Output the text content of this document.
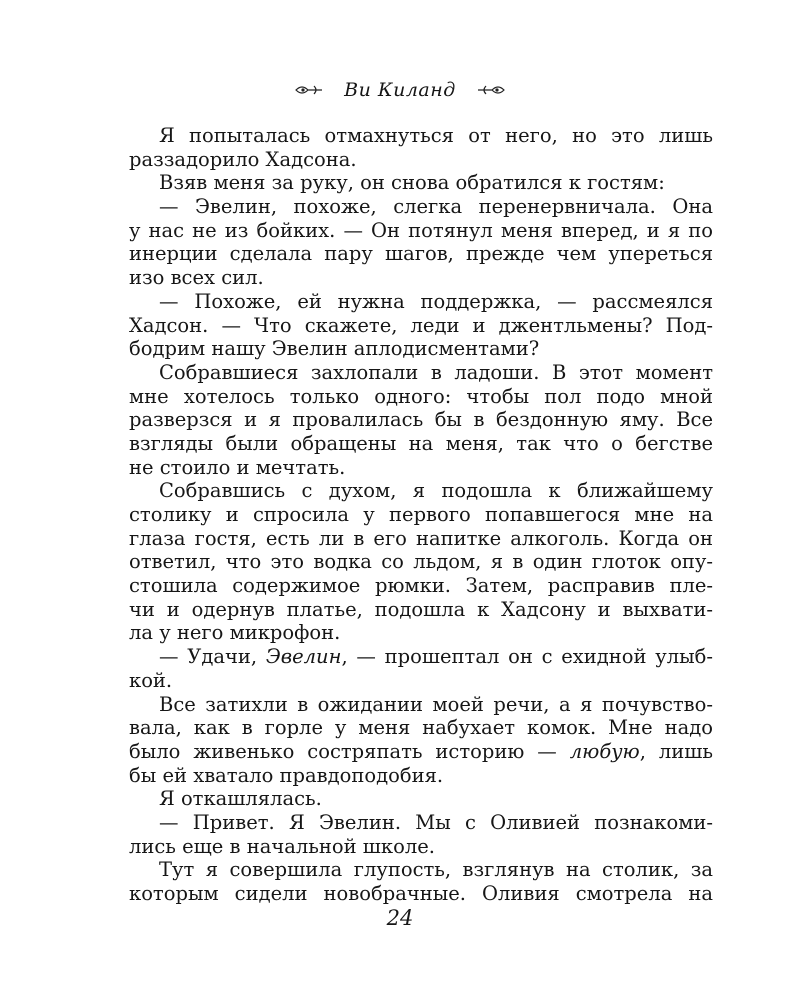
Ви Киланд
Я попыталась отмахнуться от него, но это лишь
раззадорило Хадсона.
Взяв меня за руку, он снова обратился к гостям:
— Эвелин, похоже, слегка перенервничала. Она
у нас не из бойких. — Он потянул меня вперед, и я по
инерции сделала пару шагов, прежде чем упереться
изо всех сил.
— Похоже, ей нужна поддержка, — рассмеялся
Хадсон. — Что скажете, леди и джентльмены? Под-
бодрим нашу Эвелин аплодисментами?
Собравшиеся захлопали в ладоши. В этот момент
мне хотелось только одного: чтобы пол подо мной
разверзся и я провалилась бы в бездонную яму. Все
взгляды были обращены на меня, так что о бегстве
не стоило и мечтать.
Собравшись с духом, я подошла к ближайшему
столику и спросила у первого попавшегося мне на
глаза гостя, есть ли в его напитке алкоголь. Когда он
ответил, что это водка со льдом, я в один глоток опу-
стошила содержимое рюмки. Затем, расправив пле-
чи и одернув платье, подошла к Хадсону и выхвати-
ла у него микрофон.
— Удачи, Эвелин, — прошептал он с ехидной улыб-
кой.
Все затихли в ожидании моей речи, а я почувство-
вала, как в горле у меня набухает комок. Мне надо
было живенько состряпать историю — любую, лишь
бы ей хватало правдоподобия.
Я откашлялась.
— Привет. Я Эвелин. Мы с Оливией познакоми-
лись еще в начальной школе.
Тут я совершила глупость, взглянув на столик, за
которым сидели новобрачные. Оливия смотрела на
24
